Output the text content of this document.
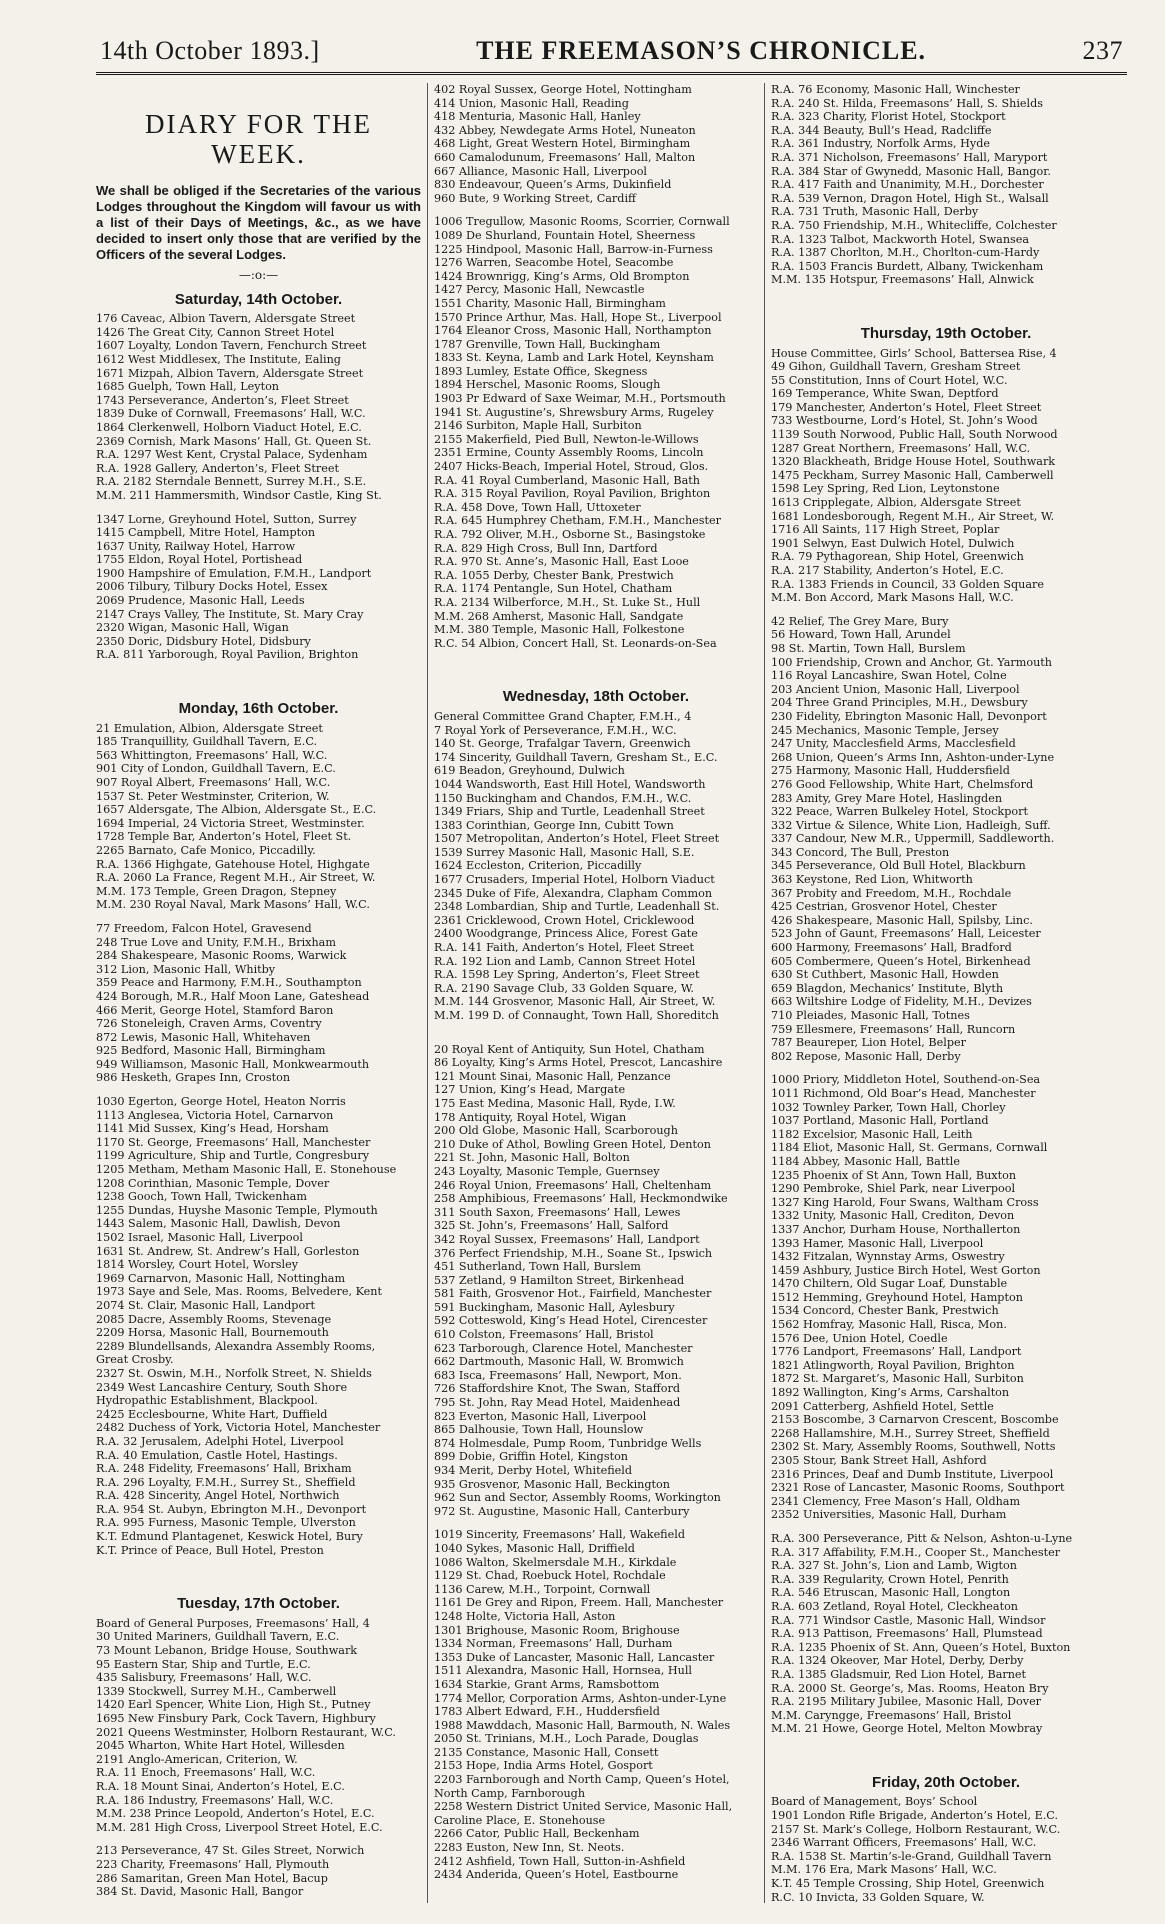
14th October 1893.]	THE FREEMASON’S CHRONICLE.	237
DIARY FOR THE WEEK.
We shall be obliged if the Secretaries of the various Lodges throughout the Kingdom will favour us with a list of their Days of Meetings, &c., as we have decided to insert only those that are verified by the Officers of the several Lodges.
—:o:—
Saturday, 14th October.
176 Caveac, Albion Tavern, Aldersgate Street
1426 The Great City, Cannon Street Hotel
1607 Loyalty, London Tavern, Fenchurch Street
1612 West Middlesex, The Institute, Ealing
1671 Mizpah, Albion Tavern, Aldersgate Street
1685 Guelph, Town Hall, Leyton
1743 Perseverance, Anderton’s, Fleet Street
1839 Duke of Cornwall, Freemasons’ Hall, W.C.
1864 Clerkenwell, Holborn Viaduct Hotel, E.C.
2369 Cornish, Mark Masons’ Hall, Gt. Queen St.
R.A. 1297 West Kent, Crystal Palace, Sydenham
R.A. 1928 Gallery, Anderton’s, Fleet Street
R.A. 2182 Sterndale Bennett, Surrey M.H., S.E.
M.M. 211 Hammersmith, Windsor Castle, King St.
1347 Lorne, Greyhound Hotel, Sutton, Surrey
1415 Campbell, Mitre Hotel, Hampton
1637 Unity, Railway Hotel, Harrow
1755 Eldon, Royal Hotel, Portishead
1900 Hampshire of Emulation, F.M.H., Landport
2006 Tilbury, Tilbury Docks Hotel, Essex
2069 Prudence, Masonic Hall, Leeds
2147 Crays Valley, The Institute, St. Mary Cray
2320 Wigan, Masonic Hall, Wigan
2350 Doric, Didsbury Hotel, Didsbury
R.A. 811 Yarborough, Royal Pavilion, Brighton
Monday, 16th October.
21 Emulation, Albion, Aldersgate Street
185 Tranquillity, Guildhall Tavern, E.C.
563 Whittington, Freemasons’ Hall, W.C.
901 City of London, Guildhall Tavern, E.C.
907 Royal Albert, Freemasons’ Hall, W.C.
1537 St. Peter Westminster, Criterion, W.
1657 Aldersgate, The Albion, Aldersgate St., E.C.
1694 Imperial, 24 Victoria Street, Westminster.
1728 Temple Bar, Anderton’s Hotel, Fleet St.
2265 Barnato, Cafe Monico, Piccadilly.
R.A. 1366 Highgate, Gatehouse Hotel, Highgate
R.A. 2060 La France, Regent M.H., Air Street, W.
M.M. 173 Temple, Green Dragon, Stepney
M.M. 230 Royal Naval, Mark Masons’ Hall, W.C.
77 Freedom, Falcon Hotel, Gravesend
248 True Love and Unity, F.M.H., Brixham
284 Shakespeare, Masonic Rooms, Warwick
312 Lion, Masonic Hall, Whitby
359 Peace and Harmony, F.M.H., Southampton
424 Borough, M.R., Half Moon Lane, Gateshead
466 Merit, George Hotel, Stamford Baron
726 Stoneleigh, Craven Arms, Coventry
872 Lewis, Masonic Hall, Whitehaven
925 Bedford, Masonic Hall, Birmingham
949 Williamson, Masonic Hall, Monkwearmouth
986 Hesketh, Grapes Inn, Croston
1030 Egerton, George Hotel, Heaton Norris
1113 Anglesea, Victoria Hotel, Carnarvon
1141 Mid Sussex, King’s Head, Horsham
1170 St. George, Freemasons’ Hall, Manchester
1199 Agriculture, Ship and Turtle, Congresbury
1205 Metham, Metham Masonic Hall, E. Stonehouse
1208 Corinthian, Masonic Temple, Dover
1238 Gooch, Town Hall, Twickenham
1255 Dundas, Huyshe Masonic Temple, Plymouth
1443 Salem, Masonic Hall, Dawlish, Devon
1502 Israel, Masonic Hall, Liverpool
1631 St. Andrew, St. Andrew’s Hall, Gorleston
1814 Worsley, Court Hotel, Worsley
1969 Carnarvon, Masonic Hall, Nottingham
1973 Saye and Sele, Mas. Rooms, Belvedere, Kent
2074 St. Clair, Masonic Hall, Landport
2085 Dacre, Assembly Rooms, Stevenage
2209 Horsa, Masonic Hall, Bournemouth
2289 Blundellsands, Alexandra Assembly Rooms,
Great Crosby.
2327 St. Oswin, M.H., Norfolk Street, N. Shields
2349 West Lancashire Century, South Shore
Hydropathic Establishment, Blackpool.
2425 Ecclesbourne, White Hart, Duffield
2482 Duchess of York, Victoria Hotel, Manchester
R.A. 32 Jerusalem, Adelphi Hotel, Liverpool
R.A. 40 Emulation, Castle Hotel, Hastings.
R.A. 248 Fidelity, Freemasons’ Hall, Brixham
R.A. 296 Loyalty, F.M.H., Surrey St., Sheffield
R.A. 428 Sincerity, Angel Hotel, Northwich
R.A. 954 St. Aubyn, Ebrington M.H., Devonport
R.A. 995 Furness, Masonic Temple, Ulverston
K.T. Edmund Plantagenet, Keswick Hotel, Bury
K.T. Prince of Peace, Bull Hotel, Preston
Tuesday, 17th October.
Board of General Purposes, Freemasons’ Hall, 4
30 United Mariners, Guildhall Tavern, E.C.
73 Mount Lebanon, Bridge House, Southwark
95 Eastern Star, Ship and Turtle, E.C.
435 Salisbury, Freemasons’ Hall, W.C.
1339 Stockwell, Surrey M.H., Camberwell
1420 Earl Spencer, White Lion, High St., Putney
1695 New Finsbury Park, Cock Tavern, Highbury
2021 Queens Westminster, Holborn Restaurant, W.C.
2045 Wharton, White Hart Hotel, Willesden
2191 Anglo-American, Criterion, W.
R.A. 11 Enoch, Freemasons’ Hall, W.C.
R.A. 18 Mount Sinai, Anderton’s Hotel, E.C.
R.A. 186 Industry, Freemasons’ Hall, W.C.
M.M. 238 Prince Leopold, Anderton’s Hotel, E.C.
M.M. 281 High Cross, Liverpool Street Hotel, E.C.
213 Perseverance, 47 St. Giles Street, Norwich
223 Charity, Freemasons’ Hall, Plymouth
286 Samaritan, Green Man Hotel, Bacup
384 St. David, Masonic Hall, Bangor
402 Royal Sussex, George Hotel, Nottingham
414 Union, Masonic Hall, Reading
418 Menturia, Masonic Hall, Hanley
432 Abbey, Newdegate Arms Hotel, Nuneaton
468 Light, Great Western Hotel, Birmingham
660 Camalodunum, Freemasons’ Hall, Malton
667 Alliance, Masonic Hall, Liverpool
830 Endeavour, Queen’s Arms, Dukinfield
960 Bute, 9 Working Street, Cardiff
1006 Tregullow, Masonic Rooms, Scorrier, Cornwall
1089 De Shurland, Fountain Hotel, Sheerness
1225 Hindpool, Masonic Hall, Barrow-in-Furness
1276 Warren, Seacombe Hotel, Seacombe
1424 Brownrigg, King’s Arms, Old Brompton
1427 Percy, Masonic Hall, Newcastle
1551 Charity, Masonic Hall, Birmingham
1570 Prince Arthur, Mas. Hall, Hope St., Liverpool
1764 Eleanor Cross, Masonic Hall, Northampton
1787 Grenville, Town Hall, Buckingham
1833 St. Keyna, Lamb and Lark Hotel, Keynsham
1893 Lumley, Estate Office, Skegness
1894 Herschel, Masonic Rooms, Slough
1903 Pr Edward of Saxe Weimar, M.H., Portsmouth
1941 St. Augustine’s, Shrewsbury Arms, Rugeley
2146 Surbiton, Maple Hall, Surbiton
2155 Makerfield, Pied Bull, Newton-le-Willows
2351 Ermine, County Assembly Rooms, Lincoln
2407 Hicks-Beach, Imperial Hotel, Stroud, Glos.
R.A. 41 Royal Cumberland, Masonic Hall, Bath
R.A. 315 Royal Pavilion, Royal Pavilion, Brighton
R.A. 458 Dove, Town Hall, Uttoxeter
R.A. 645 Humphrey Chetham, F.M.H., Manchester
R.A. 792 Oliver, M.H., Osborne St., Basingstoke
R.A. 829 High Cross, Bull Inn, Dartford
R.A. 970 St. Anne’s, Masonic Hall, East Looe
R.A. 1055 Derby, Chester Bank, Prestwich
R.A. 1174 Pentangle, Sun Hotel, Chatham
R.A. 2134 Wilberforce, M.H., St. Luke St., Hull
M.M. 268 Amherst, Masonic Hall, Sandgate
M.M. 380 Temple, Masonic Hall, Folkestone
R.C. 54 Albion, Concert Hall, St. Leonards-on-Sea
Wednesday, 18th October.
General Committee Grand Chapter, F.M.H., 4
7 Royal York of Perseverance, F.M.H., W.C.
140 St. George, Trafalgar Tavern, Greenwich
174 Sincerity, Guildhall Tavern, Gresham St., E.C.
619 Beadon, Greyhound, Dulwich
1044 Wandsworth, East Hill Hotel, Wandsworth
1150 Buckingham and Chandos, F.M.H., W.C.
1349 Friars, Ship and Turtle, Leadenhall Street
1383 Corinthian, George Inn, Cubitt Town
1507 Metropolitan, Anderton’s Hotel, Fleet Street
1539 Surrey Masonic Hall, Masonic Hall, S.E.
1624 Eccleston, Criterion, Piccadilly
1677 Crusaders, Imperial Hotel, Holborn Viaduct
2345 Duke of Fife, Alexandra, Clapham Common
2348 Lombardian, Ship and Turtle, Leadenhall St.
2361 Cricklewood, Crown Hotel, Cricklewood
2400 Woodgrange, Princess Alice, Forest Gate
R.A. 141 Faith, Anderton’s Hotel, Fleet Street
R.A. 192 Lion and Lamb, Cannon Street Hotel
R.A. 1598 Ley Spring, Anderton’s, Fleet Street
R.A. 2190 Savage Club, 33 Golden Square, W.
M.M. 144 Grosvenor, Masonic Hall, Air Street, W.
M.M. 199 D. of Connaught, Town Hall, Shoreditch
20 Royal Kent of Antiquity, Sun Hotel, Chatham
86 Loyalty, King’s Arms Hotel, Prescot, Lancashire
121 Mount Sinai, Masonic Hall, Penzance
127 Union, King’s Head, Margate
175 East Medina, Masonic Hall, Ryde, I.W.
178 Antiquity, Royal Hotel, Wigan
200 Old Globe, Masonic Hall, Scarborough
210 Duke of Athol, Bowling Green Hotel, Denton
221 St. John, Masonic Hall, Bolton
243 Loyalty, Masonic Temple, Guernsey
246 Royal Union, Freemasons’ Hall, Cheltenham
258 Amphibious, Freemasons’ Hall, Heckmondwike
311 South Saxon, Freemasons’ Hall, Lewes
325 St. John’s, Freemasons’ Hall, Salford
342 Royal Sussex, Freemasons’ Hall, Landport
376 Perfect Friendship, M.H., Soane St., Ipswich
451 Sutherland, Town Hall, Burslem
537 Zetland, 9 Hamilton Street, Birkenhead
581 Faith, Grosvenor Hot., Fairfield, Manchester
591 Buckingham, Masonic Hall, Aylesbury
592 Cotteswold, King’s Head Hotel, Cirencester
610 Colston, Freemasons’ Hall, Bristol
623 Tarborough, Clarence Hotel, Manchester
662 Dartmouth, Masonic Hall, W. Bromwich
683 Isca, Freemasons’ Hall, Newport, Mon.
726 Staffordshire Knot, The Swan, Stafford
795 St. John, Ray Mead Hotel, Maidenhead
823 Everton, Masonic Hall, Liverpool
865 Dalhousie, Town Hall, Hounslow
874 Holmesdale, Pump Room, Tunbridge Wells
899 Dobie, Griffin Hotel, Kingston
934 Merit, Derby Hotel, Whitefield
935 Grosvenor, Masonic Hall, Beckington
962 Sun and Sector, Assembly Rooms, Workington
972 St. Augustine, Masonic Hall, Canterbury
1019 Sincerity, Freemasons’ Hall, Wakefield
1040 Sykes, Masonic Hall, Driffield
1086 Walton, Skelmersdale M.H., Kirkdale
1129 St. Chad, Roebuck Hotel, Rochdale
1136 Carew, M.H., Torpoint, Cornwall
1161 De Grey and Ripon, Freem. Hall, Manchester
1248 Holte, Victoria Hall, Aston
1301 Brighouse, Masonic Room, Brighouse
1334 Norman, Freemasons’ Hall, Durham
1353 Duke of Lancaster, Masonic Hall, Lancaster
1511 Alexandra, Masonic Hall, Hornsea, Hull
1634 Starkie, Grant Arms, Ramsbottom
1774 Mellor, Corporation Arms, Ashton-under-Lyne
1783 Albert Edward, F.H., Huddersfield
1988 Mawddach, Masonic Hall, Barmouth, N. Wales
2050 St. Trinians, M.H., Loch Parade, Douglas
2135 Constance, Masonic Hall, Consett
2153 Hope, India Arms Hotel, Gosport
2203 Farnborough and North Camp, Queen’s Hotel,
North Camp, Farnborough
2258 Western District United Service, Masonic Hall,
Caroline Place, E. Stonehouse
2266 Cator, Public Hall, Beckenham
2283 Euston, New Inn, St. Neots.
2412 Ashfield, Town Hall, Sutton-in-Ashfield
2434 Anderida, Queen’s Hotel, Eastbourne
R.A. 76 Economy, Masonic Hall, Winchester
R.A. 240 St. Hilda, Freemasons’ Hall, S. Shields
R.A. 323 Charity, Florist Hotel, Stockport
R.A. 344 Beauty, Bull’s Head, Radcliffe
R.A. 361 Industry, Norfolk Arms, Hyde
R.A. 371 Nicholson, Freemasons’ Hall, Maryport
R.A. 384 Star of Gwynedd, Masonic Hall, Bangor.
R.A. 417 Faith and Unanimity, M.H., Dorchester
R.A. 539 Vernon, Dragon Hotel, High St., Walsall
R.A. 731 Truth, Masonic Hall, Derby
R.A. 750 Friendship, M.H., Whitecliffe, Colchester
R.A. 1323 Talbot, Mackworth Hotel, Swansea
R.A. 1387 Chorlton, M.H., Chorlton-cum-Hardy
R.A. 1503 Francis Burdett, Albany, Twickenham
M.M. 135 Hotspur, Freemasons’ Hall, Alnwick
Thursday, 19th October.
House Committee, Girls’ School, Battersea Rise, 4
49 Gihon, Guildhall Tavern, Gresham Street
55 Constitution, Inns of Court Hotel, W.C.
169 Temperance, White Swan, Deptford
179 Manchester, Anderton’s Hotel, Fleet Street
733 Westbourne, Lord’s Hotel, St. John’s Wood
1139 South Norwood, Public Hall, South Norwood
1287 Great Northern, Freemasons’ Hall, W.C.
1320 Blackheath, Bridge House Hotel, Southwark
1475 Peckham, Surrey Masonic Hall, Camberwell
1598 Ley Spring, Red Lion, Leytonstone
1613 Cripplegate, Albion, Aldersgate Street
1681 Londesborough, Regent M.H., Air Street, W.
1716 All Saints, 117 High Street, Poplar
1901 Selwyn, East Dulwich Hotel, Dulwich
R.A. 79 Pythagorean, Ship Hotel, Greenwich
R.A. 217 Stability, Anderton’s Hotel, E.C.
R.A. 1383 Friends in Council, 33 Golden Square
M.M. Bon Accord, Mark Masons Hall, W.C.
42 Relief, The Grey Mare, Bury
56 Howard, Town Hall, Arundel
98 St. Martin, Town Hall, Burslem
100 Friendship, Crown and Anchor, Gt. Yarmouth
116 Royal Lancashire, Swan Hotel, Colne
203 Ancient Union, Masonic Hall, Liverpool
204 Three Grand Principles, M.H., Dewsbury
230 Fidelity, Ebrington Masonic Hall, Devonport
245 Mechanics, Masonic Temple, Jersey
247 Unity, Macclesfield Arms, Macclesfield
268 Union, Queen’s Arms Inn, Ashton-under-Lyne
275 Harmony, Masonic Hall, Huddersfield
276 Good Fellowship, White Hart, Chelmsford
283 Amity, Grey Mare Hotel, Haslingden
322 Peace, Warren Bulkeley Hotel, Stockport
332 Virtue & Silence, White Lion, Hadleigh, Suff.
337 Candour, New M.R., Uppermill, Saddleworth.
343 Concord, The Bull, Preston
345 Perseverance, Old Bull Hotel, Blackburn
363 Keystone, Red Lion, Whitworth
367 Probity and Freedom, M.H., Rochdale
425 Cestrian, Grosvenor Hotel, Chester
426 Shakespeare, Masonic Hall, Spilsby, Linc.
523 John of Gaunt, Freemasons’ Hall, Leicester
600 Harmony, Freemasons’ Hall, Bradford
605 Combermere, Queen’s Hotel, Birkenhead
630 St Cuthbert, Masonic Hall, Howden
659 Blagdon, Mechanics’ Institute, Blyth
663 Wiltshire Lodge of Fidelity, M.H., Devizes
710 Pleiades, Masonic Hall, Totnes
759 Ellesmere, Freemasons’ Hall, Runcorn
787 Beaureper, Lion Hotel, Belper
802 Repose, Masonic Hall, Derby
1000 Priory, Middleton Hotel, Southend-on-Sea
1011 Richmond, Old Boar’s Head, Manchester
1032 Townley Parker, Town Hall, Chorley
1037 Portland, Masonic Hall, Portland
1182 Excelsior, Masonic Hall, Leith
1184 Eliot, Masonic Hall, St. Germans, Cornwall
1184 Abbey, Masonic Hall, Battle
1235 Phoenix of St Ann, Town Hall, Buxton
1290 Pembroke, Shiel Park, near Liverpool
1327 King Harold, Four Swans, Waltham Cross
1332 Unity, Masonic Hall, Crediton, Devon
1337 Anchor, Durham House, Northallerton
1393 Hamer, Masonic Hall, Liverpool
1432 Fitzalan, Wynnstay Arms, Oswestry
1459 Ashbury, Justice Birch Hotel, West Gorton
1470 Chiltern, Old Sugar Loaf, Dunstable
1512 Hemming, Greyhound Hotel, Hampton
1534 Concord, Chester Bank, Prestwich
1562 Homfray, Masonic Hall, Risca, Mon.
1576 Dee, Union Hotel, Coedle
1776 Landport, Freemasons’ Hall, Landport
1821 Atlingworth, Royal Pavilion, Brighton
1872 St. Margaret’s, Masonic Hall, Surbiton
1892 Wallington, King’s Arms, Carshalton
2091 Catterberg, Ashfield Hotel, Settle
2153 Boscombe, 3 Carnarvon Crescent, Boscombe
2268 Hallamshire, M.H., Surrey Street, Sheffield
2302 St. Mary, Assembly Rooms, Southwell, Notts
2305 Stour, Bank Street Hall, Ashford
2316 Princes, Deaf and Dumb Institute, Liverpool
2321 Rose of Lancaster, Masonic Rooms, Southport
2341 Clemency, Free Mason’s Hall, Oldham
2352 Universities, Masonic Hall, Durham
R.A. 300 Perseverance, Pitt & Nelson, Ashton-u-Lyne
R.A. 317 Affability, F.M.H., Cooper St., Manchester
R.A. 327 St. John’s, Lion and Lamb, Wigton
R.A. 339 Regularity, Crown Hotel, Penrith
R.A. 546 Etruscan, Masonic Hall, Longton
R.A. 603 Zetland, Royal Hotel, Cleckheaton
R.A. 771 Windsor Castle, Masonic Hall, Windsor
R.A. 913 Pattison, Freemasons’ Hall, Plumstead
R.A. 1235 Phoenix of St. Ann, Queen’s Hotel, Buxton
R.A. 1324 Okeover, Mar Hotel, Derby, Derby
R.A. 1385 Gladsmuir, Red Lion Hotel, Barnet
R.A. 2000 St. George’s, Mas. Rooms, Heaton Bry
R.A. 2195 Military Jubilee, Masonic Hall, Dover
M.M. Caryngge, Freemasons’ Hall, Bristol
M.M. 21 Howe, George Hotel, Melton Mowbray
Friday, 20th October.
Board of Management, Boys’ School
1901 London Rifle Brigade, Anderton’s Hotel, E.C.
2157 St. Mark’s College, Holborn Restaurant, W.C.
2346 Warrant Officers, Freemasons’ Hall, W.C.
R.A. 1538 St. Martin’s-le-Grand, Guildhall Tavern
M.M. 176 Era, Mark Masons’ Hall, W.C.
K.T. 45 Temple Crossing, Ship Hotel, Greenwich
R.C. 10 Invicta, 33 Golden Square, W.
